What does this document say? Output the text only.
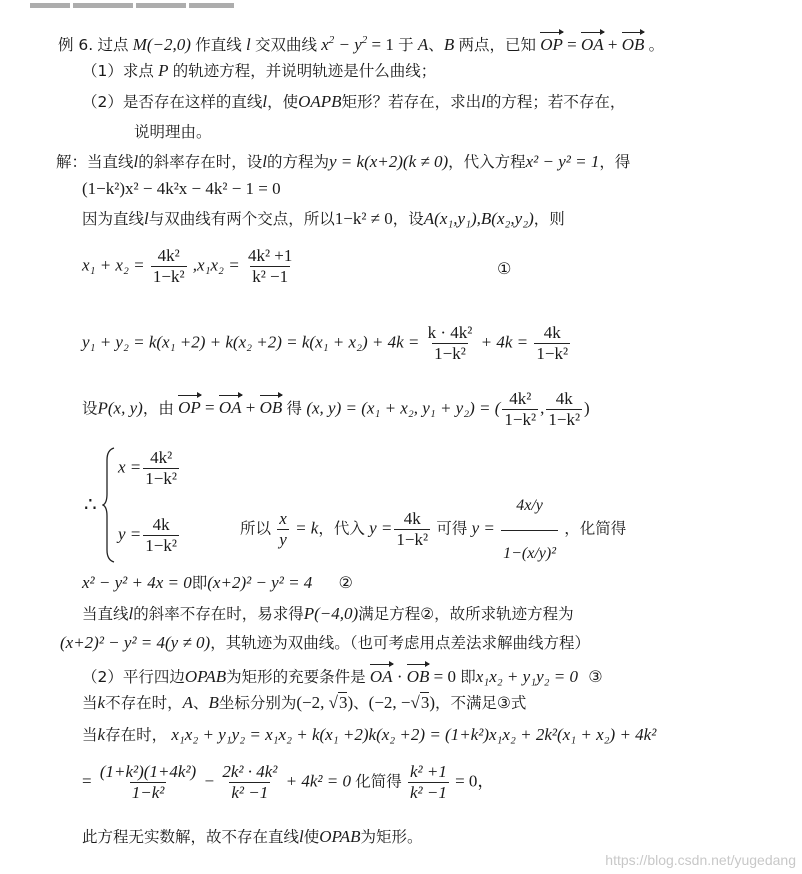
例 6. 过点 M(−2,0) 作直线 l 交双曲线 $x^2 - y^2 = 1$ 于 A、B 两点，已知 OP = OA + OB 。
（1）求点 P 的轨迹方程，并说明轨迹是什么曲线；
（2）是否存在这样的直线l，使OAPB矩形？若存在，求出l的方程；若不存在，
说明理由。
解：当直线l的斜率存在时，设l的方程为y = k(x+2)(k ≠ 0)，代入方程x² − y² = 1，得
(1−k²)x² − 4k²x − 4k² − 1 = 0
因为直线l与双曲线有两个交点，所以1−k² ≠ 0，设A(x₁,y₁),B(x₂,y₂)，则
$x_1 + x_2 = \frac{\text{4k²}}{\text{1−k²}} ,x_1x_2 = \frac{\text{4k² +1}}{\text{k² −1}}$	①
$y_1 + y_2 = k(x_1 +2) + k(x_2 +2) = k(x_1 + x_2) + 4k = \frac{\text{k · 4k²}}{\text{1−k²}} + 4k = \frac{4k}{\text{1−k²}}$
设P(x, y)，由 OP = OA + OB 得 (x, y) = (x₁ + x₂, y₁ + y₂) = ( $\frac{\text{4k²}}{\text{1−k²}}$ , $\frac{4k}{\text{1−k²}}$ )
∴
$x = \frac{\text{4k²}}{\text{1−k²}}$
$y = \frac{4k}{\text{1−k²}}$	所以 $\frac{x}{y} = k$，代入 $y = \frac{4k}{\text{1−k²}}$ 可得 $y = \frac{4x/y}{\text{1−(x/y)²}}$ ，化简得
x² − y² + 4x = 0即(x+2)² − y² = 4 ②
当直线l的斜率不存在时，易求得P(−4,0)满足方程②，故所求轨迹方程为
(x+2)² − y² = 4(y ≠ 0)，其轨迹为双曲线。（也可考虑用点差法求解曲线方程）
（2）平行四边OPAB为矩形的充要条件是 OA · OB = 0 即x₁x₂ + y₁y₂ = 0 ③
当k不存在时，A、B坐标分别为(−2, √3)、(−2, −√3)，不满足③式
当k存在时， x₁x₂ + y₁y₂ = x₁x₂ + k(x₁ +2)k(x₂ +2) = (1+k²)x₁x₂ + 2k²(x₁ + x₂) + 4k²
= $\frac{\text{(1+k²)(1+4k²)}}{\text{1−k²}} - \frac{\text{2k² · 4k²}}{\text{k² −1}} + 4k^2 = 0$ 化简得 $\frac{\text{k² +1}}{\text{k² −1}} = 0$，
此方程无实数解，故不存在直线l使OPAB为矩形。
https://blog.csdn.net/yugedang
